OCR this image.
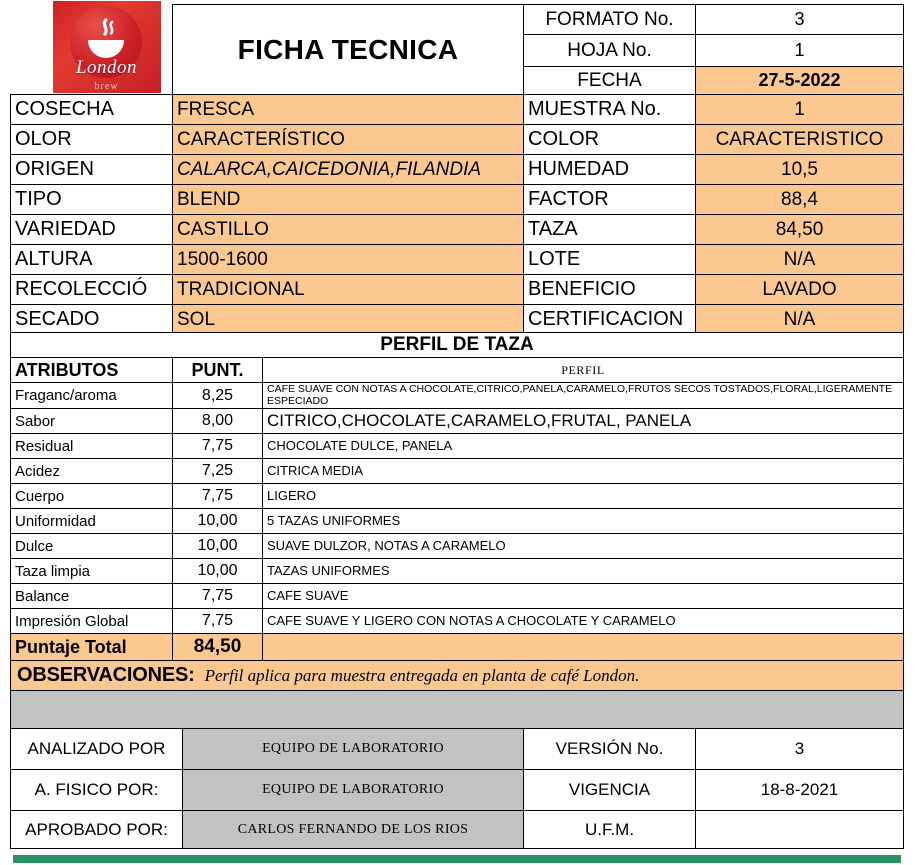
London
brew	FICHA TECNICA	FORMATO No.	3
		HOJA No.	1
		FECHA	27-5-2022
COSECHA	FRESCA	MUESTRA No.	1
OLOR	CARACTERÍSTICO	COLOR	CARACTERISTICO
ORIGEN	CALARCA,CAICEDONIA,FILANDIA	HUMEDAD	10,5
TIPO	BLEND	FACTOR	88,4
VARIEDAD	CASTILLO	TAZA	84,50
ALTURA	1500-1600	LOTE	N/A
RECOLECCIÓ	TRADICIONAL	BENEFICIO	LAVADO
SECADO	SOL	CERTIFICACION	N/A
PERFIL DE TAZA		
ATRIBUTOS	PUNT.	PERFIL
Fraganc/aroma	8,25	CAFE SUAVE CON NOTAS A CHOCOLATE,CITRICO,PANELA,CARAMELO,FRUTOS SECOS TOSTADOS,FLORAL,LIGERAMENTE ESPECIADO
Sabor	8,00	CITRICO,CHOCOLATE,CARAMELO,FRUTAL, PANELA
Residual	7,75	CHOCOLATE DULCE, PANELA
Acidez	7,25	CITRICA MEDIA
Cuerpo	7,75	LIGERO
Uniformidad	10,00	5 TAZAS UNIFORMES
Dulce	10,00	SUAVE DULZOR, NOTAS A CARAMELO
Taza limpia	10,00	TAZAS UNIFORMES
Balance	7,75	CAFE SUAVE
Impresión Global	7,75	CAFE SUAVE Y LIGERO CON NOTAS A CHOCOLATE Y CARAMELO
Puntaje Total	84,50	
OBSERVACIONES: Perfil aplica para muestra entregada en planta de café London.		

ANALIZADO POR	EQUIPO DE LABORATORIO	VERSIÓN No.	3
A. FISICO POR:	EQUIPO DE LABORATORIO	VIGENCIA	18-8-2021
APROBADO POR:	CARLOS FERNANDO DE LOS RIOS	U.F.M.	
